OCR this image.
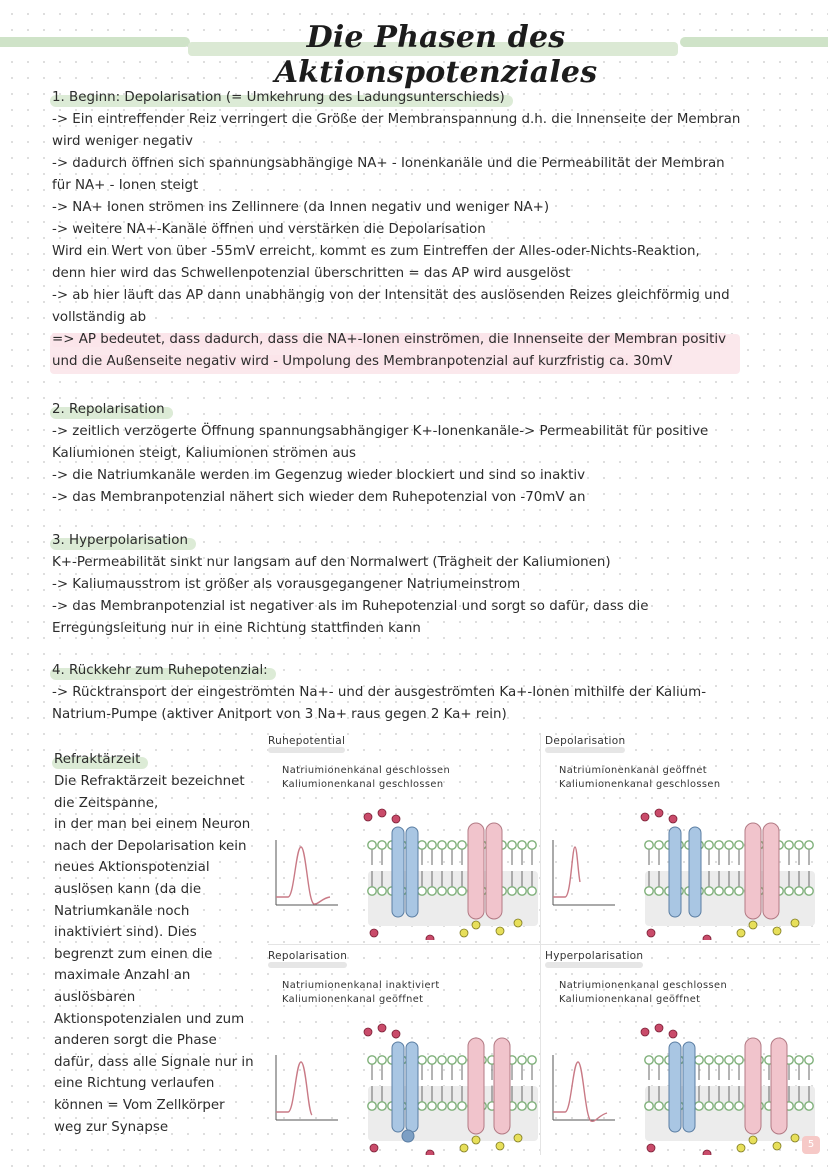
Die Phasen des Aktionspotenziales
1. Beginn: Depolarisation (= Umkehrung des Ladungsunterschieds)
-> Ein eintreffender Reiz verringert die Größe der Membranspannung d.h. die Innenseite der Membran
wird weniger negativ
-> dadurch öffnen sich spannungsabhängige NA+ - Ionenkanäle und die Permeabilität der Membran
für NA+ - Ionen steigt
-> NA+ Ionen strömen ins Zellinnere (da Innen negativ und weniger NA+)
-> weitere NA+-Kanäle öffnen und verstärken die Depolarisation
Wird ein Wert von über -55mV erreicht, kommt es zum Eintreffen der Alles-oder-Nichts-Reaktion,
denn hier wird das Schwellenpotenzial überschritten = das AP wird ausgelöst
-> ab hier läuft das AP dann unabhängig von der Intensität des auslösenden Reizes gleichförmig und
vollständig ab
=> AP bedeutet, dass dadurch, dass die NA+-Ionen einströmen, die Innenseite der Membran positiv
und die Außenseite negativ wird - Umpolung des Membranpotenzial auf kurzfristig ca. 30mV
2. Repolarisation
-> zeitlich verzögerte Öffnung spannungsabhängiger K+-Ionenkanäle-> Permeabilität für positive
Kaliumionen steigt, Kaliumionen strömen aus
-> die Natriumkanäle werden im Gegenzug wieder blockiert und sind so inaktiv
-> das Membranpotenzial nähert sich wieder dem Ruhepotenzial von -70mV an
3. Hyperpolarisation
K+-Permeabilität sinkt nur langsam auf den Normalwert (Trägheit der Kaliumionen)
-> Kaliumausstrom ist größer als vorausgegangener Natriumeinstrom
-> das Membranpotenzial ist negativer als im Ruhepotenzial und sorgt so dafür, dass die
Erregungsleitung nur in eine Richtung stattfinden kann
4. Rückkehr zum Ruhepotenzial:
-> Rücktransport der eingeströmten Na+- und der ausgeströmten Ka+-Ionen mithilfe der Kalium-
Natrium-Pumpe (aktiver Anitport von 3 Na+ raus gegen 2 Ka+ rein)
Refraktärzeit
Die Refraktärzeit bezeichnet
die Zeitspanne,
in der man bei einem Neuron
nach der Depolarisation kein
neues Aktionspotenzial
auslösen kann (da die
Natriumkanäle noch
inaktiviert sind). Dies
begrenzt zum einen die
maximale Anzahl an
auslösbaren
Aktionspotenzialen und zum
anderen sorgt die Phase
dafür, dass alle Signale nur in
eine Richtung verlaufen
können = Vom Zellkörper
weg zur Synapse
Ruhepotential
Natriumionenkanal geschlossen
Kaliumionenkanal geschlossen
Depolarisation
Natriumionenkanal geöffnet
Kaliumionenkanal geschlossen
Repolarisation
Natriumionenkanal inaktiviert
Kaliumionenkanal geöffnet
Hyperpolarisation
Natriumionenkanal geschlossen
Kaliumionenkanal geöffnet
5
